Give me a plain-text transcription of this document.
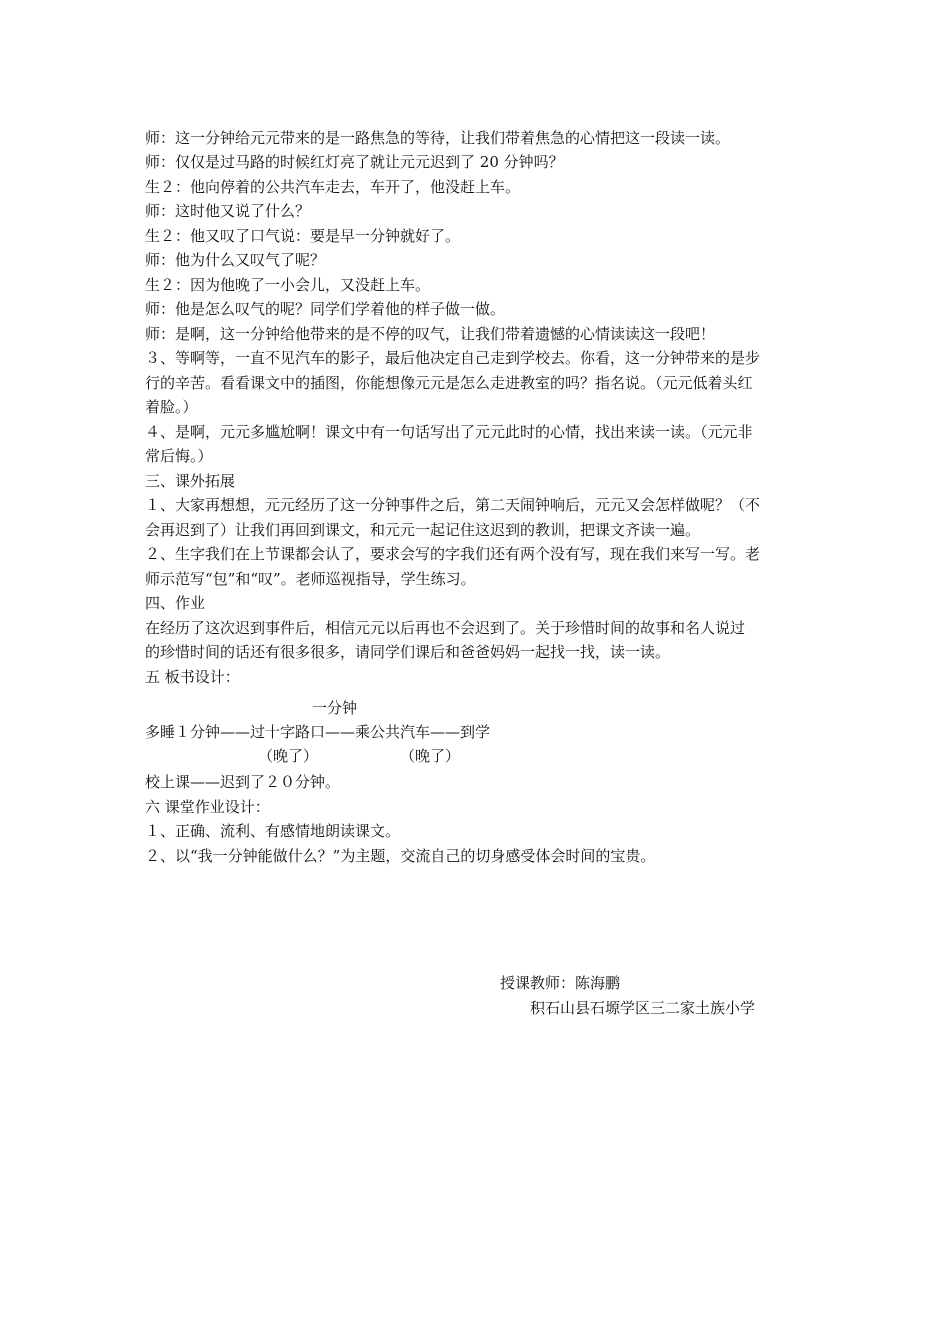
师：这一分钟给元元带来的是一路焦急的等待，让我们带着焦急的心情把这一段读一读。
师：仅仅是过马路的时候红灯亮了就让元元迟到了 20 分钟吗？
生２：他向停着的公共汽车走去，车开了，他没赶上车。
师：这时他又说了什么？
生２：他又叹了口气说：要是早一分钟就好了。
师：他为什么又叹气了呢？
生２：因为他晚了一小会儿，又没赶上车。
师：他是怎么叹气的呢？同学们学着他的样子做一做。
师：是啊，这一分钟给他带来的是不停的叹气，让我们带着遗憾的心情读读这一段吧！
３、等啊等，一直不见汽车的影子，最后他决定自己走到学校去。你看，这一分钟带来的是步
行的辛苦。看看课文中的插图，你能想像元元是怎么走进教室的吗？指名说。（元元低着头红
着脸。）
４、是啊，元元多尴尬啊！课文中有一句话写出了元元此时的心情，找出来读一读。（元元非
常后悔。）
三、课外拓展
１、大家再想想，元元经历了这一分钟事件之后，第二天闹钟响后，元元又会怎样做呢？（不
会再迟到了）让我们再回到课文，和元元一起记住这迟到的教训，把课文齐读一遍。
２、生字我们在上节课都会认了，要求会写的字我们还有两个没有写，现在我们来写一写。老
师示范写“包”和“叹”。老师巡视指导，学生练习。
四、作业
在经历了这次迟到事件后，相信元元以后再也不会迟到了。关于珍惜时间的故事和名人说过
的珍惜时间的话还有很多很多，请同学们课后和爸爸妈妈一起找一找，读一读。
五 板书设计：
一分钟
多睡１分钟——过十字路口——乘公共汽车——到学
（晚了）	（晚了）
校上课——迟到了２０分钟。
六 课堂作业设计：
１、正确、流利、有感情地朗读课文。
２、以“我一分钟能做什么？”为主题，交流自己的切身感受体会时间的宝贵。
授课教师：陈海鹏
积石山县石塬学区三二家土族小学
